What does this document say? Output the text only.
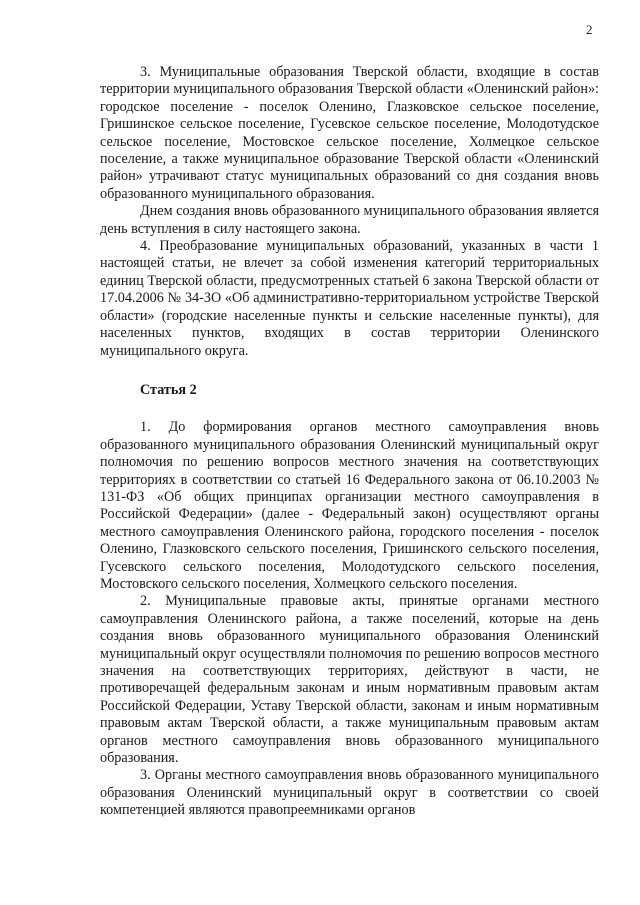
2

3. Муниципальные образования Тверской области, входящие в состав территории муниципального образования Тверской области «Оленинский район»: городское поселение - поселок Оленино, Глазковское сельское поселение, Гришинское сельское поселение, Гусевское сельское поселение, Молодотудское сельское поселение, Мостовское сельское поселение, Холмецкое сельское поселение, а также муниципальное образование Тверской области «Оленинский район» утрачивают статус муниципальных образований со дня создания вновь образованного муниципального образования.

Днем создания вновь образованного муниципального образования является день вступления в силу настоящего закона.

4. Преобразование муниципальных образований, указанных в части 1 настоящей статьи, не влечет за собой изменения категорий территориальных единиц Тверской области, предусмотренных статьей 6 закона Тверской области от 17.04.2006 № 34-ЗО «Об административно-территориальном устройстве Тверской области» (городские населенные пункты и сельские населенные пункты), для населенных пунктов, входящих в состав территории Оленинского муниципального округа.

Статья 2

1. До формирования органов местного самоуправления вновь образованного муниципального образования Оленинский муниципальный округ полномочия по решению вопросов местного значения на соответствующих территориях в соответствии со статьей 16 Федерального закона от 06.10.2003 № 131-ФЗ «Об общих принципах организации местного самоуправления в Российской Федерации» (далее - Федеральный закон) осуществляют органы местного самоуправления Оленинского района, городского поселения - поселок Оленино, Глазковского сельского поселения, Гришинского сельского поселения, Гусевского сельского поселения, Молодотудского сельского поселения, Мостовского сельского поселения, Холмецкого сельского поселения.

2. Муниципальные правовые акты, принятые органами местного самоуправления Оленинского района, а также поселений, которые на день создания вновь образованного муниципального образования Оленинский муниципальный округ осуществляли полномочия по решению вопросов местного значения на соответствующих территориях, действуют в части, не противоречащей федеральным законам и иным нормативным правовым актам Российской Федерации, Уставу Тверской области, законам и иным нормативным правовым актам Тверской области, а также муниципальным правовым актам органов местного самоуправления вновь образованного муниципального образования.

3. Органы местного самоуправления вновь образованного муниципального образования Оленинский муниципальный округ в соответствии со своей компетенцией являются правопреемниками органов
